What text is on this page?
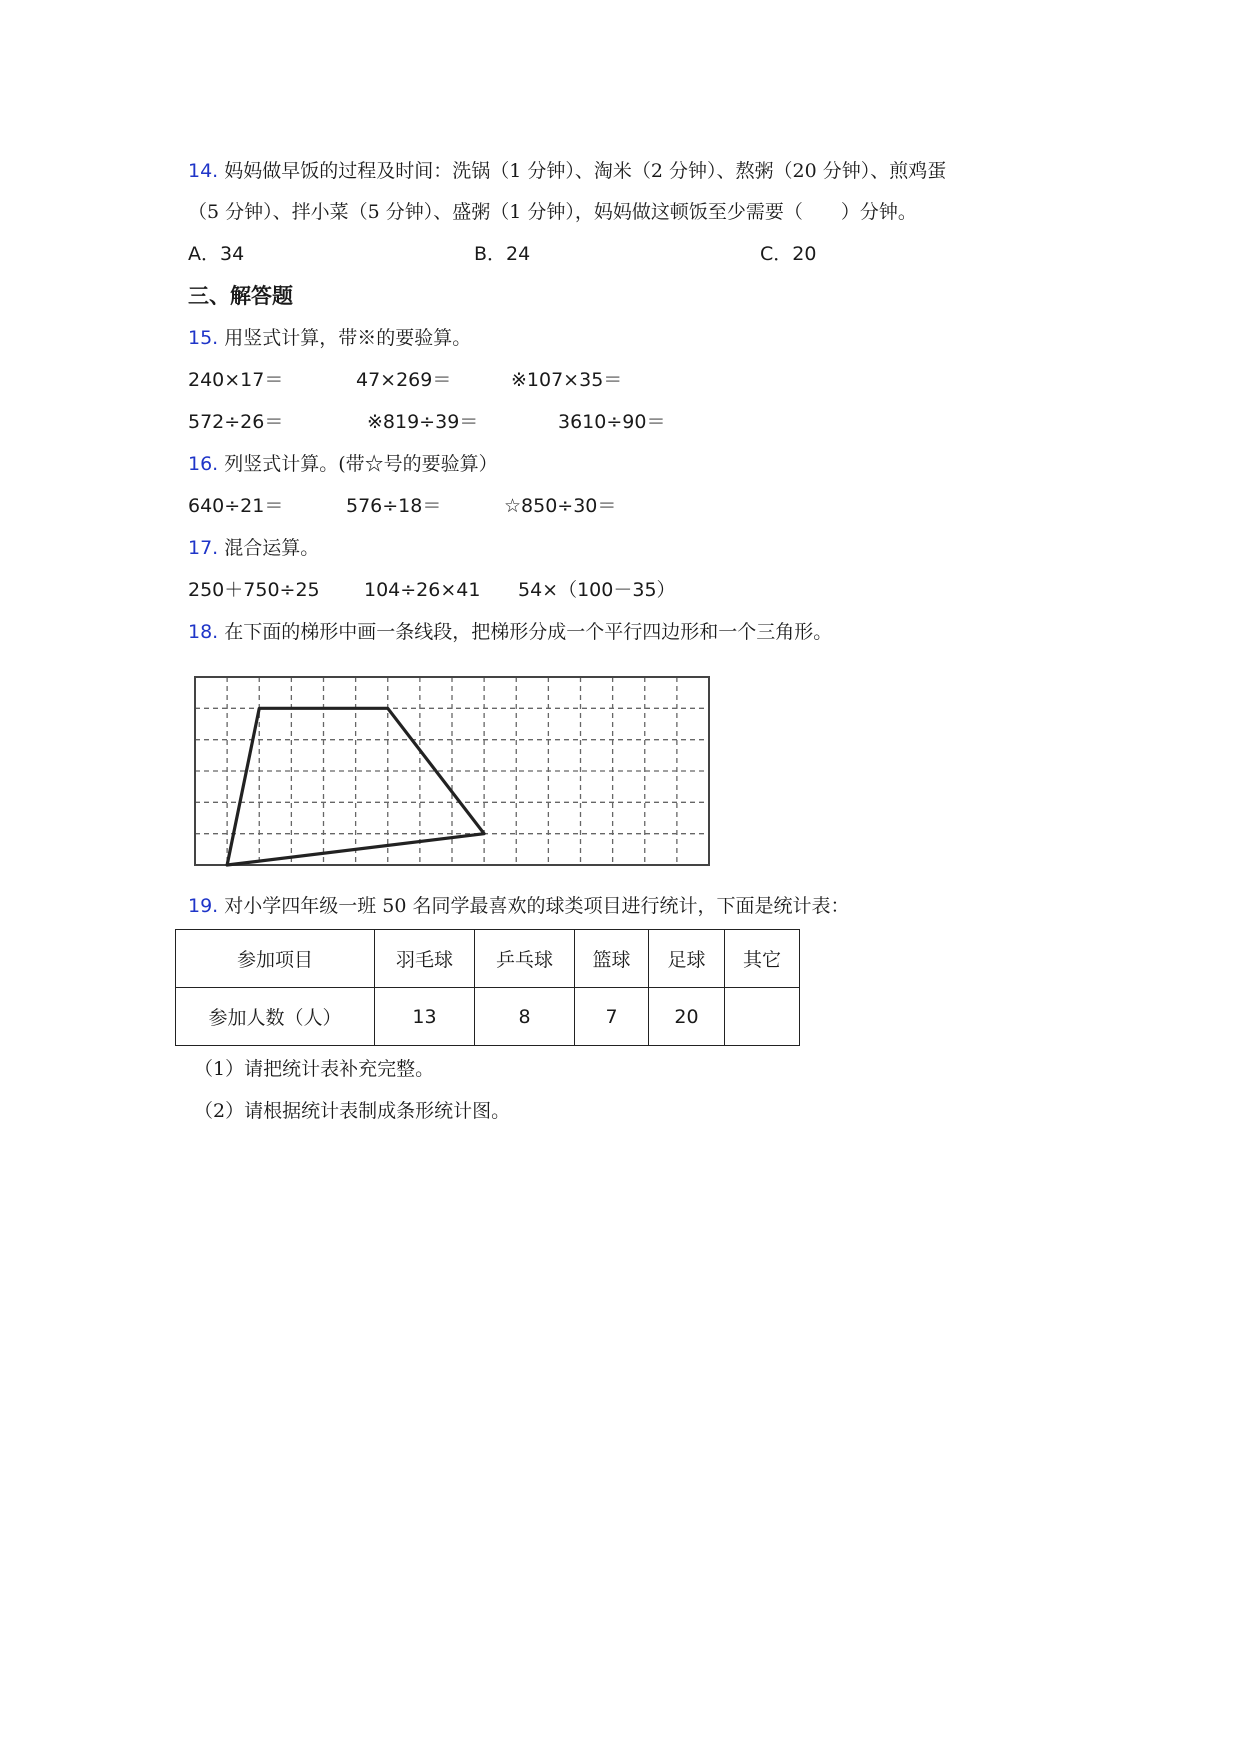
14. 妈妈做早饭的过程及时间：洗锅（1 分钟）、淘米（2 分钟）、熬粥（20 分钟）、煎鸡蛋
（5 分钟）、拌小菜（5 分钟）、盛粥（1 分钟），妈妈做这顿饭至少需要（　　）分钟。
A．34	B．24	C．20
三、解答题
15. 用竖式计算，带※的要验算。
240×17＝	47×269＝	※107×35＝
572÷26＝	※819÷39＝	3610÷90＝
16. 列竖式计算。(带☆号的要验算）
640÷21＝	576÷18＝	☆850÷30＝
17. 混合运算。
250＋750÷25 104÷26×41 54×（100－35）
18. 在下面的梯形中画一条线段，把梯形分成一个平行四边形和一个三角形。
19. 对小学四年级一班 50 名同学最喜欢的球类项目进行统计，下面是统计表：
参加项目	羽毛球	乒乓球	篮球	足球	其它
参加人数（人）	13	8	7	20	
（1）请把统计表补充完整。
（2）请根据统计表制成条形统计图。
